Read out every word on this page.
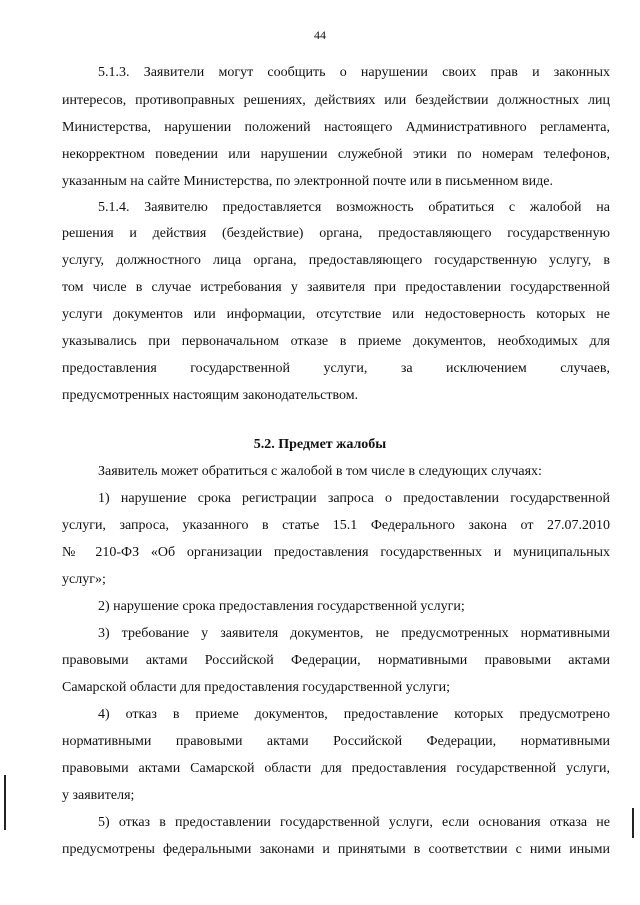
44
5.1.3. Заявители могут сообщить о нарушении своих прав и законных
интересов, противоправных решениях, действиях или бездействии должностных лиц
Министерства, нарушении положений настоящего Административного регламента,
некорректном поведении или нарушении служебной этики по номерам телефонов,
указанным на сайте Министерства, по электронной почте или в письменном виде.
5.1.4. Заявителю предоставляется возможность обратиться с жалобой на
решения и действия (бездействие) органа, предоставляющего государственную
услугу, должностного лица органа, предоставляющего государственную услугу, в
том числе в случае истребования у заявителя при предоставлении государственной
услуги документов или информации, отсутствие или недостоверность которых не
указывались при первоначальном отказе в приеме документов, необходимых для
предоставления государственной услуги, за исключением случаев,
предусмотренных настоящим законодательством.
5.2. Предмет жалобы
Заявитель может обратиться с жалобой в том числе в следующих случаях:
1) нарушение срока регистрации запроса о предоставлении государственной
услуги, запроса, указанного в статье 15.1 Федерального закона от 27.07.2010
№ 210-ФЗ «Об организации предоставления государственных и муниципальных
услуг»;
2) нарушение срока предоставления государственной услуги;
3) требование у заявителя документов, не предусмотренных нормативными
правовыми актами Российской Федерации, нормативными правовыми актами
Самарской области для предоставления государственной услуги;
4) отказ в приеме документов, предоставление которых предусмотрено
нормативными правовыми актами Российской Федерации, нормативными
правовыми актами Самарской области для предоставления государственной услуги,
у заявителя;
5) отказ в предоставлении государственной услуги, если основания отказа не
предусмотрены федеральными законами и принятыми в соответствии с ними иными
